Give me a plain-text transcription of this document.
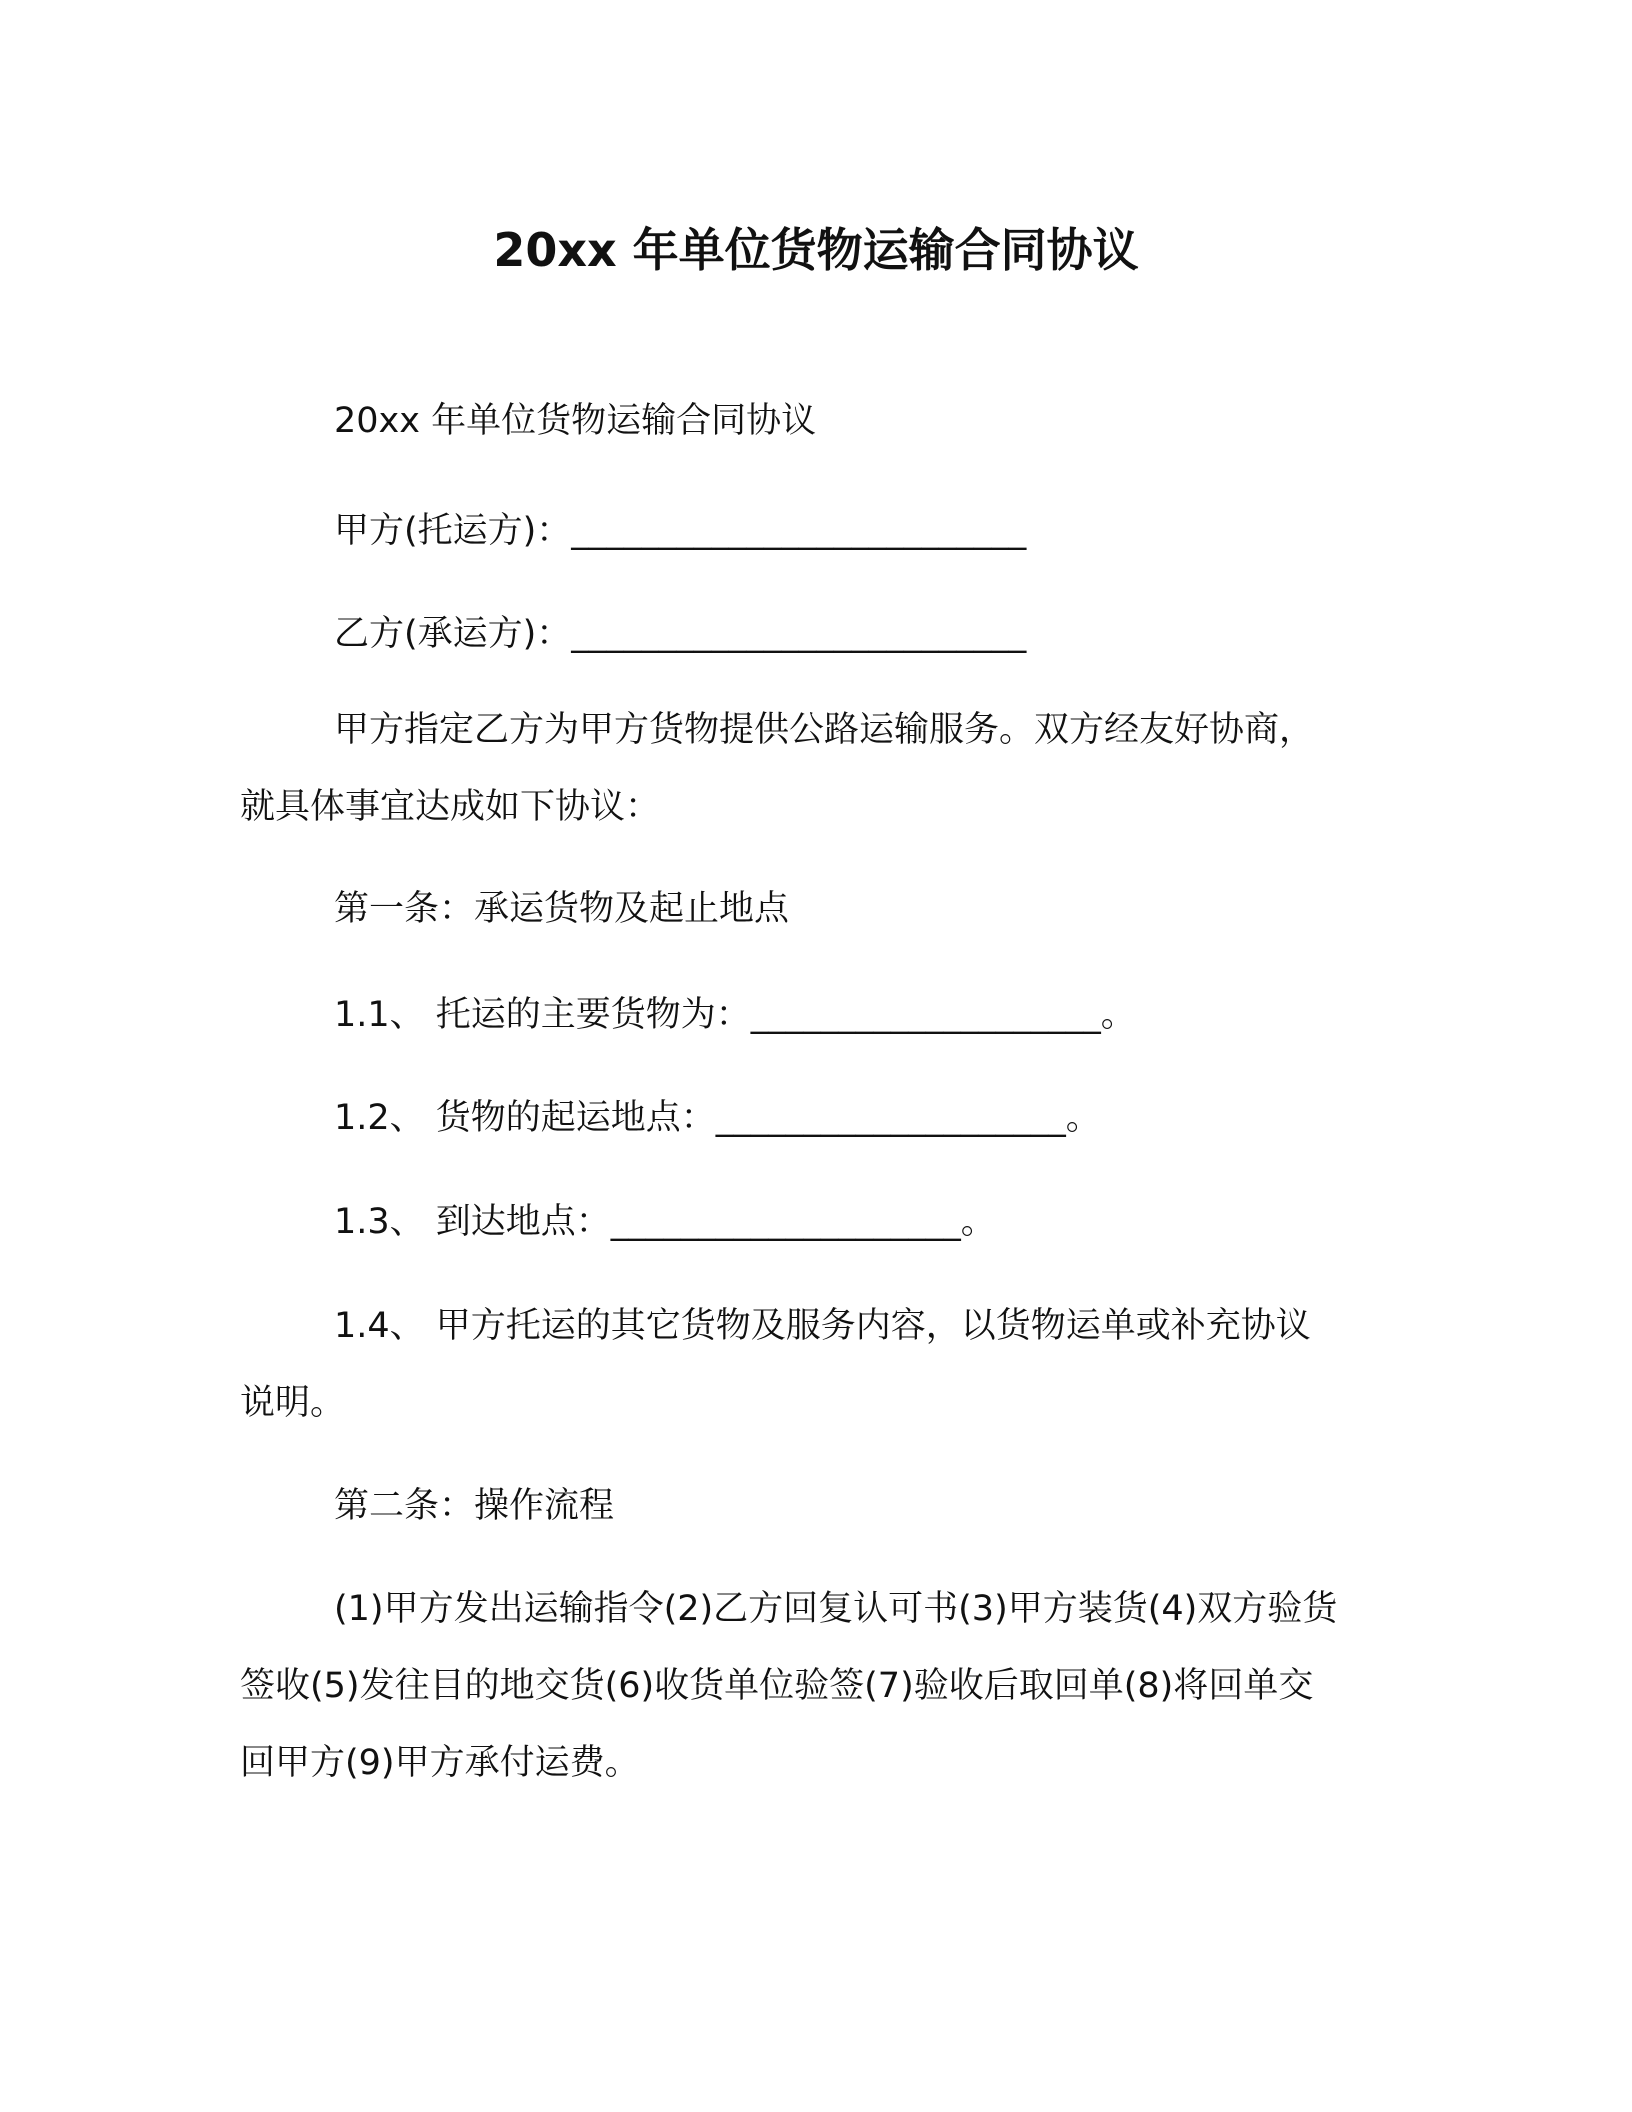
20xx 年单位货物运输合同协议
20xx 年单位货物运输合同协议
甲方(托运方)：__________________________
乙方(承运方)：__________________________
甲方指定乙方为甲方货物提供公路运输服务。双方经友好协商，
就具体事宜达成如下协议：
第一条：承运货物及起止地点
1.1、 托运的主要货物为：____________________。
1.2、 货物的起运地点：____________________。
1.3、 到达地点：____________________。
1.4、 甲方托运的其它货物及服务内容，以货物运单或补充协议
说明。
第二条：操作流程
(1)甲方发出运输指令(2)乙方回复认可书(3)甲方装货(4)双方验货
签收(5)发往目的地交货(6)收货单位验签(7)验收后取回单(8)将回单交
回甲方(9)甲方承付运费。
